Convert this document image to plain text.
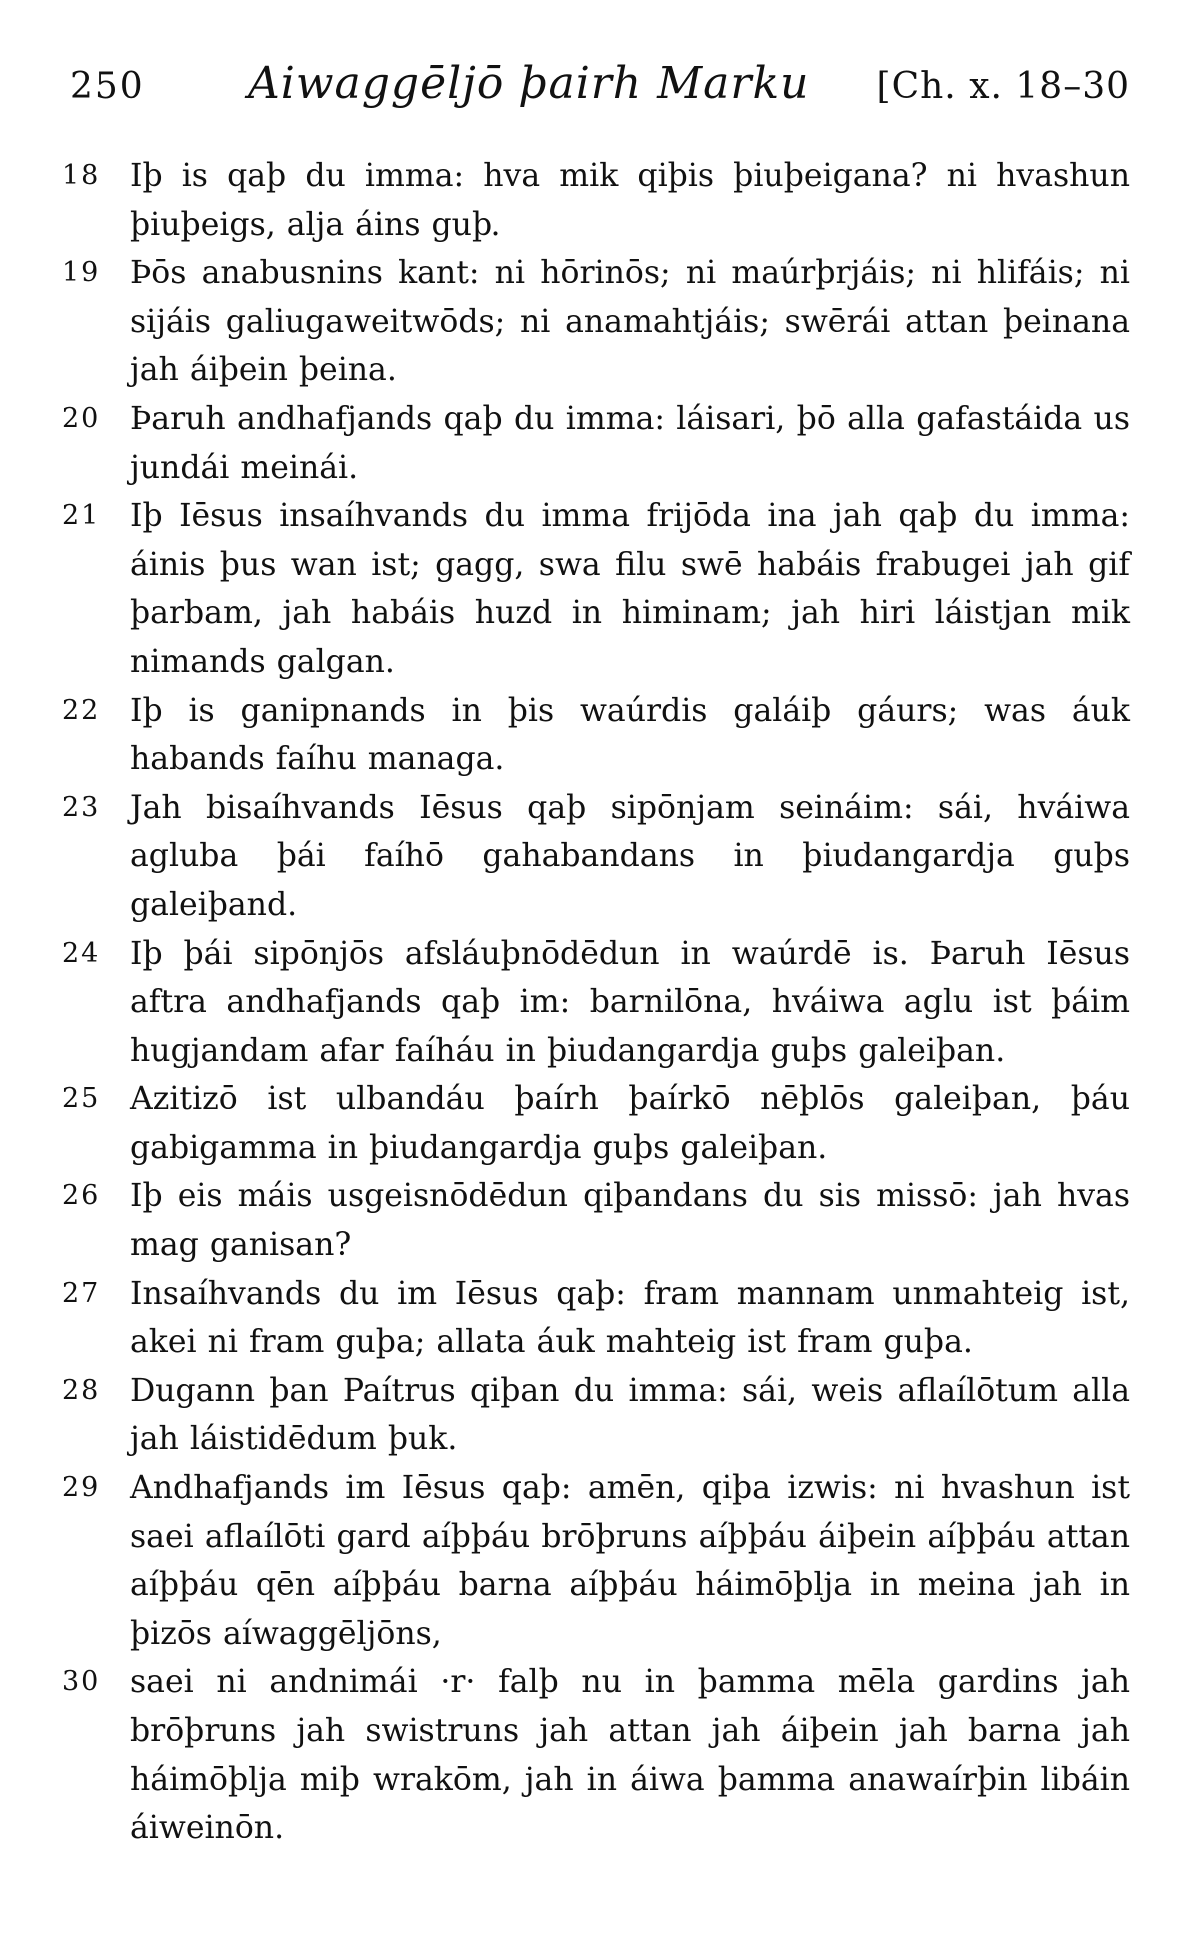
250 Aiwaggēljō þairh Marku [Ch. x. 18–30

18 Iþ is qaþ du imma: hva mik qiþis þiuþeigana? ni hvashun þiuþeigs, alja áins guþ.

19 Þōs anabusnins kant: ni hōrinōs; ni maúrþrjáis; ni hlifáis; ni sijáis galiugaweitwōds; ni anamahtjáis; swērái attan þeinana jah áiþein þeina.

20 Þaruh andhafjands qaþ du imma: láisari, þō alla gafastáida us jundái meinái.

21 Iþ Iēsus insaíhvands du imma frijōda ina jah qaþ du imma: áinis þus wan ist; gagg, swa filu swē habáis frabugei jah gif þarbam, jah habáis huzd in himinam; jah hiri láistjan mik nimands galgan.

22 Iþ is ganipnands in þis waúrdis galáiþ gáurs; was áuk habands faíhu managa.

23 Jah bisaíhvands Iēsus qaþ sipōnjam seináim: sái, hváiwa agluba þái faíhō gahabandans in þiudangardja guþs galeiþand.

24 Iþ þái sipōnjōs afsláuþnōdēdun in waúrdē is. Þaruh Iēsus aftra andhafjands qaþ im: barnilōna, hváiwa aglu ist þáim hugjandam afar faíháu in þiudangardja guþs galeiþan.

25 Azitizō ist ulbandáu þaírh þaírkō nēþlōs galeiþan, þáu gabigamma in þiudangardja guþs galeiþan.

26 Iþ eis máis usgeisnōdēdun qiþandans du sis missō: jah hvas mag ganisan?

27 Insaíhvands du im Iēsus qaþ: fram mannam unmahteig ist, akei ni fram guþa; allata áuk mahteig ist fram guþa.

28 Dugann þan Paítrus qiþan du imma: sái, weis aflaílōtum alla jah láistidēdum þuk.

29 Andhafjands im Iēsus qaþ: amēn, qiþa izwis: ni hvashun ist saei aflaílōti gard aíþþáu brōþruns aíþþáu áiþein aíþþáu attan aíþþáu qēn aíþþáu barna aíþþáu háimōþlja in meina jah in þizōs aíwaggēljōns,

30 saei ni andnimái ·r· falþ nu in þamma mēla gardins jah brōþruns jah swistruns jah attan jah áiþein jah barna jah háimōþlja miþ wrakōm, jah in áiwa þamma anawaírþin libáin áiweinōn.
